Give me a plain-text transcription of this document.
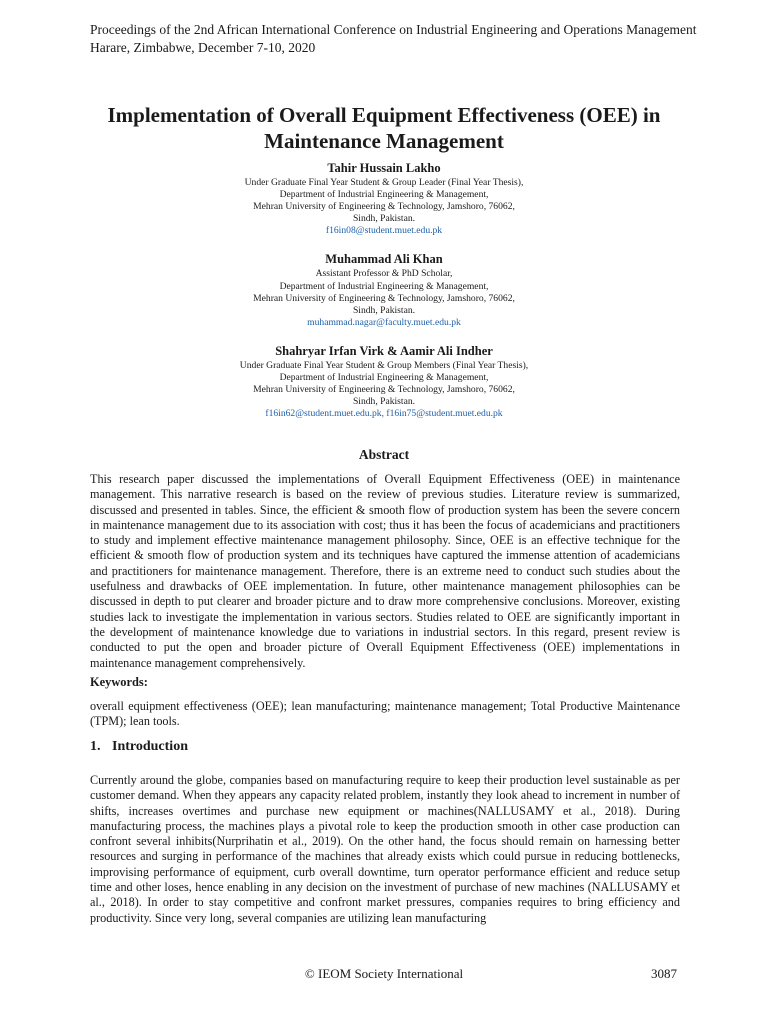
Proceedings of the 2nd African International Conference on Industrial Engineering and Operations Management
Harare, Zimbabwe, December 7-10, 2020
Implementation of Overall Equipment Effectiveness (OEE) in
Maintenance Management
Tahir Hussain Lakho
Under Graduate Final Year Student & Group Leader (Final Year Thesis),
Department of Industrial Engineering & Management,
Mehran University of Engineering & Technology, Jamshoro, 76062,
Sindh, Pakistan.
f16in08@student.muet.edu.pk
Muhammad Ali Khan
Assistant Professor & PhD Scholar,
Department of Industrial Engineering & Management,
Mehran University of Engineering & Technology, Jamshoro, 76062,
Sindh, Pakistan.
muhammad.nagar@faculty.muet.edu.pk
Shahryar Irfan Virk & Aamir Ali Indher
Under Graduate Final Year Student & Group Members (Final Year Thesis),
Department of Industrial Engineering & Management,
Mehran University of Engineering & Technology, Jamshoro, 76062,
Sindh, Pakistan.
f16in62@student.muet.edu.pk, f16in75@student.muet.edu.pk
Abstract

This research paper discussed the implementations of Overall Equipment Effectiveness (OEE) in maintenance management. This narrative research is based on the review of previous studies. Literature review is summarized, discussed and presented in tables. Since, the efficient & smooth flow of production system has been the severe concern in maintenance management due to its association with cost; thus it has been the focus of academicians and practitioners to study and implement effective maintenance management philosophy. Since, OEE is an effective technique for the efficient & smooth flow of production system and its techniques have captured the immense attention of academicians and practitioners for maintenance management. Therefore, there is an extreme need to conduct such studies about the usefulness and drawbacks of OEE implementation. In future, other maintenance management philosophies can be discussed in depth to put clearer and broader picture and to draw more comprehensive conclusions. Moreover, existing studies lack to investigate the implementation in various sectors. Studies related to OEE are significantly important in the development of maintenance knowledge due to variations in industrial sectors. In this regard, present review is conducted to put the open and broader picture of Overall Equipment Effectiveness (OEE) implementations in maintenance management comprehensively.

Keywords:

overall equipment effectiveness (OEE); lean manufacturing; maintenance management; Total Productive Maintenance (TPM); lean tools.

1. Introduction

Currently around the globe, companies based on manufacturing require to keep their production level sustainable as per customer demand. When they appears any capacity related problem, instantly they look ahead to increment in number of shifts, increases overtimes and purchase new equipment or machines(NALLUSAMY et al., 2018). During manufacturing process, the machines plays a pivotal role to keep the production smooth in other case production can confront several inhibits(Nurprihatin et al., 2019). On the other hand, the focus should remain on harnessing better resources and surging in performance of the machines that already exists which could pursue in reducing bottlenecks, improvising performance of equipment, curb overall downtime, turn operator performance efficient and reduce setup time and other loses, hence enabling in any decision on the investment of purchase of new machines (NALLUSAMY et al., 2018). In order to stay competitive and confront market pressures, companies requires to bring efficiency and productivity. Since very long, several companies are utilizing lean manufacturing

© IEOM Society International	3087
